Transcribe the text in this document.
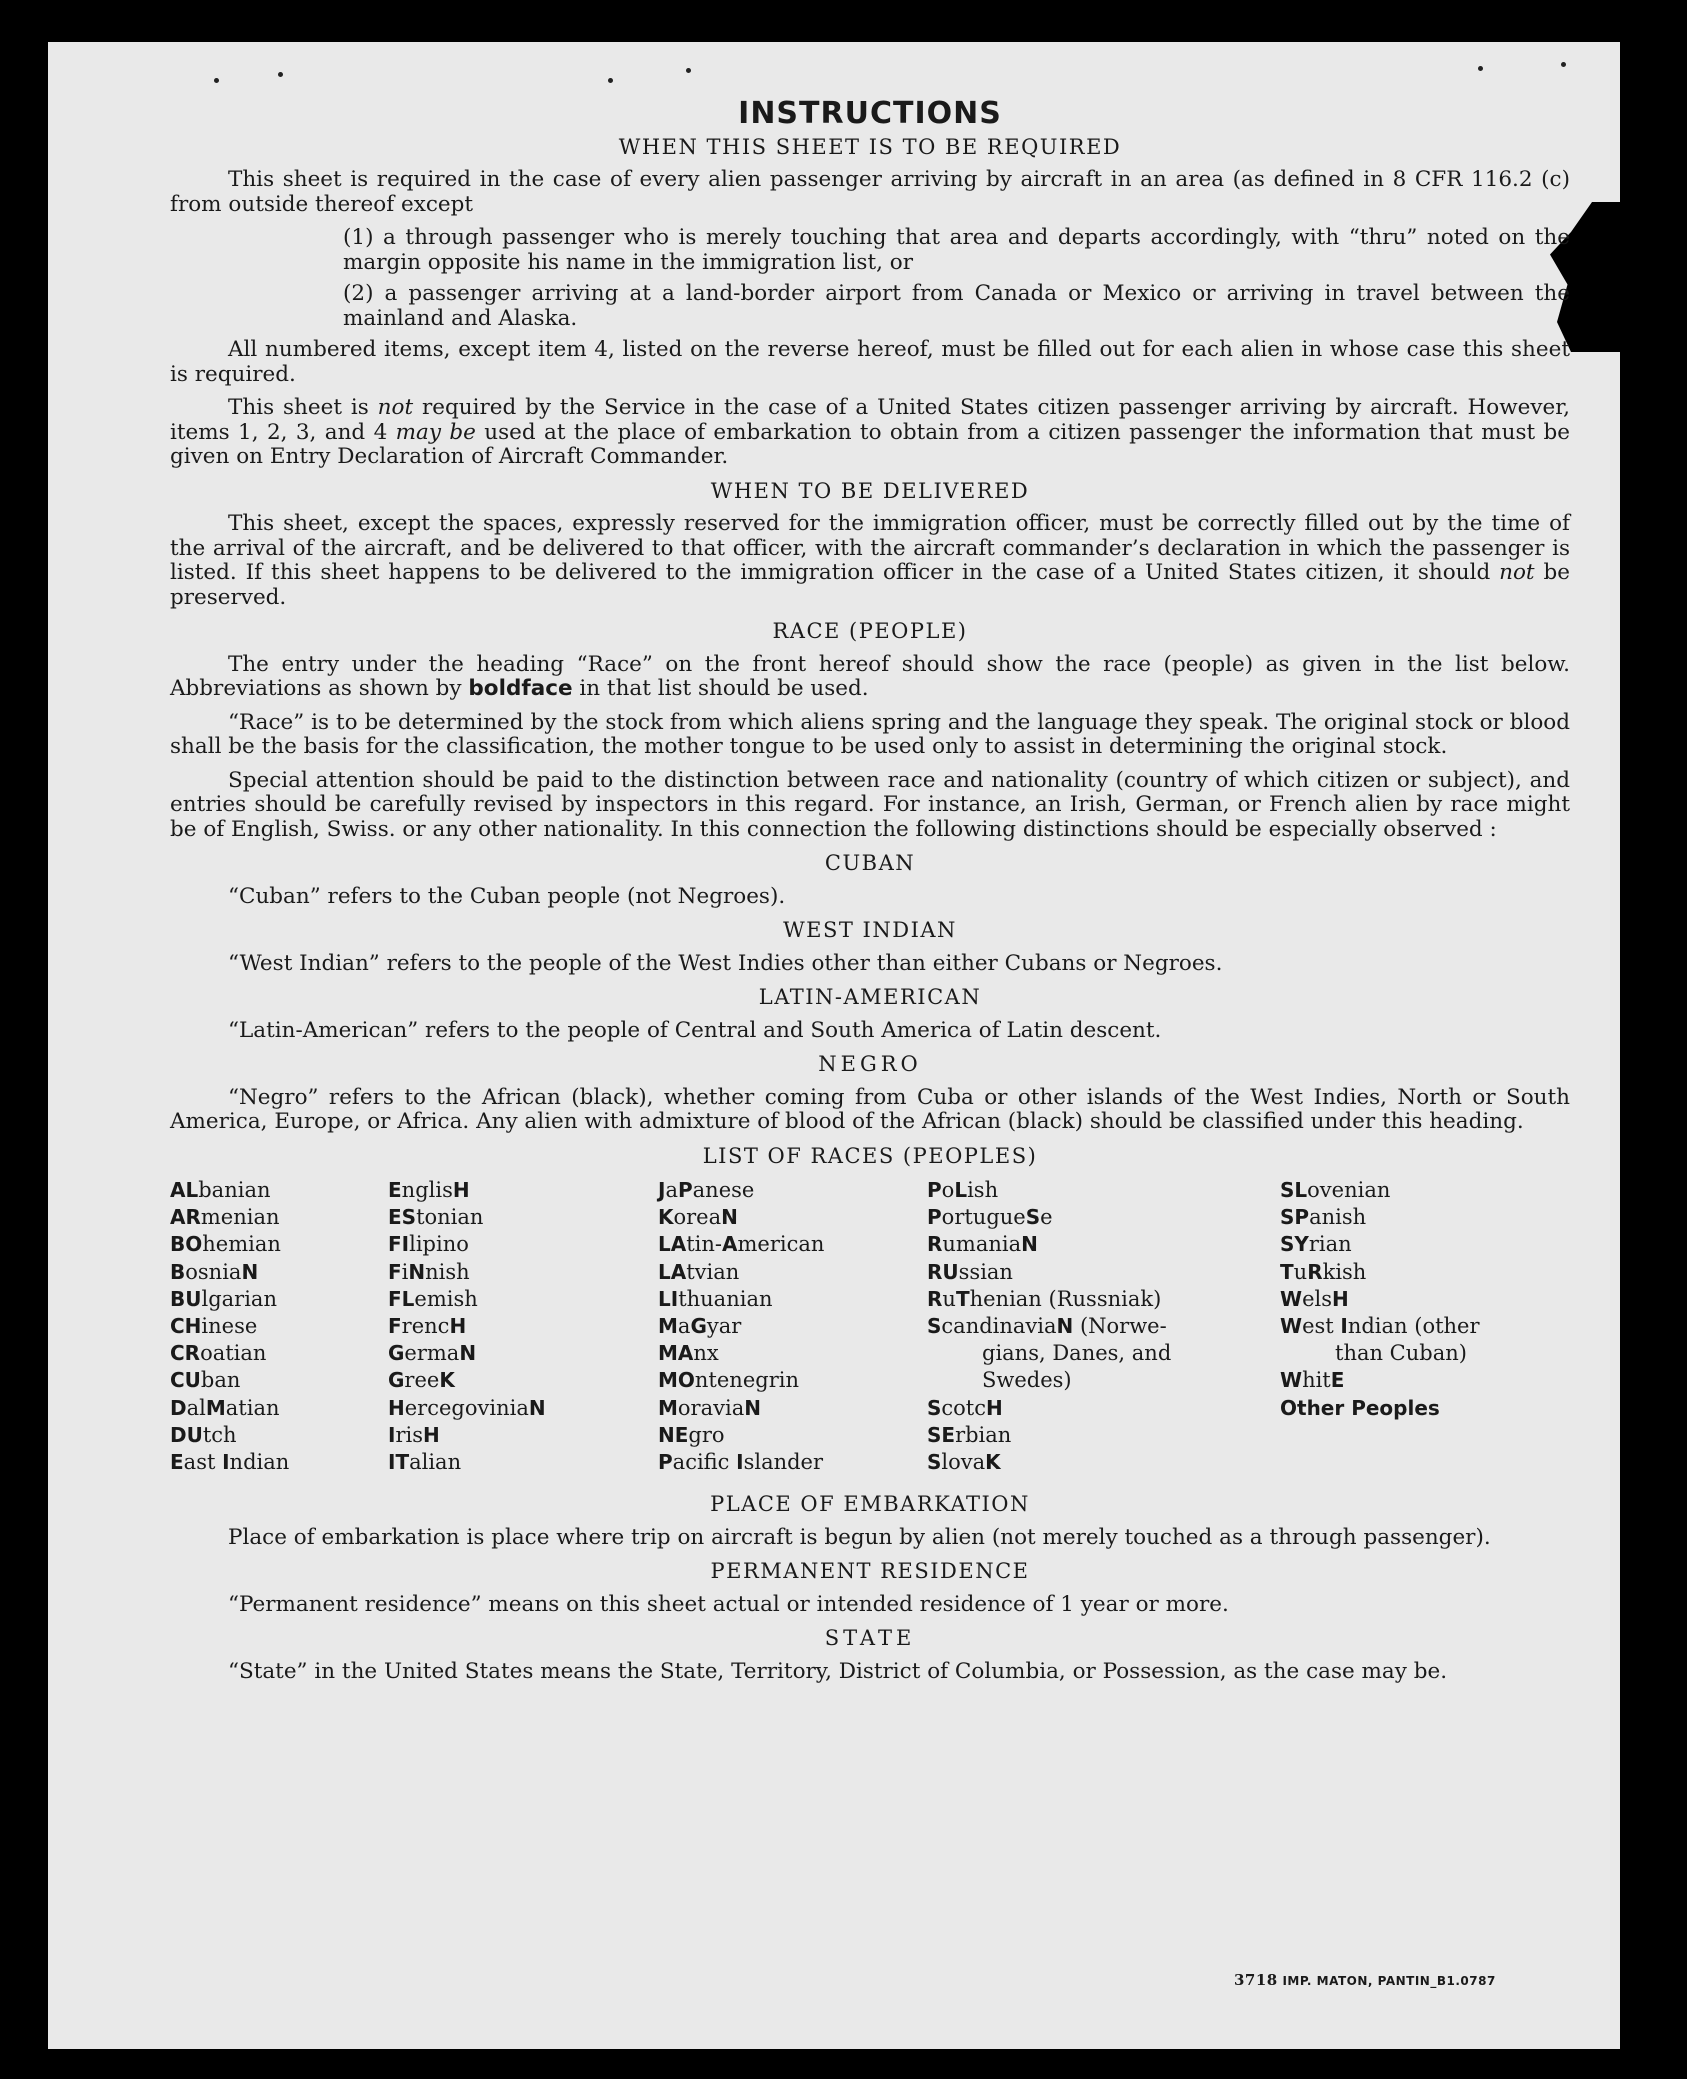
INSTRUCTIONS
WHEN THIS SHEET IS TO BE REQUIRED

This sheet is required in the case of every alien passenger arriving by aircraft in an area (as defined in 8 CFR 116.2 (c) from outside thereof except

(1) a through passenger who is merely touching that area and departs accordingly, with “thru” noted on the margin opposite his name in the immigration list, or

(2) a passenger arriving at a land-border airport from Canada or Mexico or arriving in travel between the mainland and Alaska.

All numbered items, except item 4, listed on the reverse hereof, must be filled out for each alien in whose case this sheet is required.

This sheet is not required by the Service in the case of a United States citizen passenger arriving by aircraft. However, items 1, 2, 3, and 4 may be used at the place of embarkation to obtain from a citizen passenger the information that must be given on Entry Declaration of Aircraft Commander.

WHEN TO BE DELIVERED

This sheet, except the spaces, expressly reserved for the immigration officer, must be correctly filled out by the time of the arrival of the aircraft, and be delivered to that officer, with the aircraft commander’s declaration in which the passenger is listed. If this sheet happens to be delivered to the immigration officer in the case of a United States citizen, it should not be preserved.

RACE (PEOPLE)

The entry under the heading “Race” on the front hereof should show the race (people) as given in the list below. Abbreviations as shown by boldface in that list should be used.

“Race” is to be determined by the stock from which aliens spring and the language they speak. The original stock or blood shall be the basis for the classification, the mother tongue to be used only to assist in determining the original stock.

Special attention should be paid to the distinction between race and nationality (country of which citizen or subject), and entries should be carefully revised by inspectors in this regard. For instance, an Irish, German, or French alien by race might be of English, Swiss. or any other nationality. In this connection the following distinctions should be especially observed :

CUBAN

“Cuban” refers to the Cuban people (not Negroes).

WEST INDIAN

“West Indian” refers to the people of the West Indies other than either Cubans or Negroes.

LATIN-AMERICAN

“Latin-American” refers to the people of Central and South America of Latin descent.

NEGRO

“Negro” refers to the African (black), whether coming from Cuba or other islands of the West Indies, North or South America, Europe, or Africa. Any alien with admixture of blood of the African (black) should be classified under this heading.

LIST OF RACES (PEOPLES)
ALbanian
ARmenian
BOhemian
BosniaN
BUlgarian
CHinese
CRoatian
CUban
DalMatian
DUtch
East Indian
EnglisH
EStonian
FIlipino
FiNnish
FLemish
FrencH
GermaN
GreeK
HercegoviniaN
IrisH
ITalian
JaPanese
KoreaN
LAtin-American
LAtvian
LIthuanian
MaGyar
MAnx
MOntenegrin
MoraviaN
NEgro
Pacific Islander
PoLish
PortugueSe
RumaniaN
RUssian
RuThenian (Russniak)
ScandinaviaN (Norwe-
gians, Danes, and
Swedes)
ScotcH
SErbian
SlovaK
SLovenian
SPanish
SYrian
TuRkish
WelsH
West Indian (other
than Cuban)
WhitE
Other Peoples
PLACE OF EMBARKATION

Place of embarkation is place where trip on aircraft is begun by alien (not merely touched as a through passenger).

PERMANENT RESIDENCE

“Permanent residence” means on this sheet actual or intended residence of 1 year or more.

STATE

“State” in the United States means the State, Territory, District of Columbia, or Possession, as the case may be.

3718 IMP. MATON, PANTIN_B1.0787
